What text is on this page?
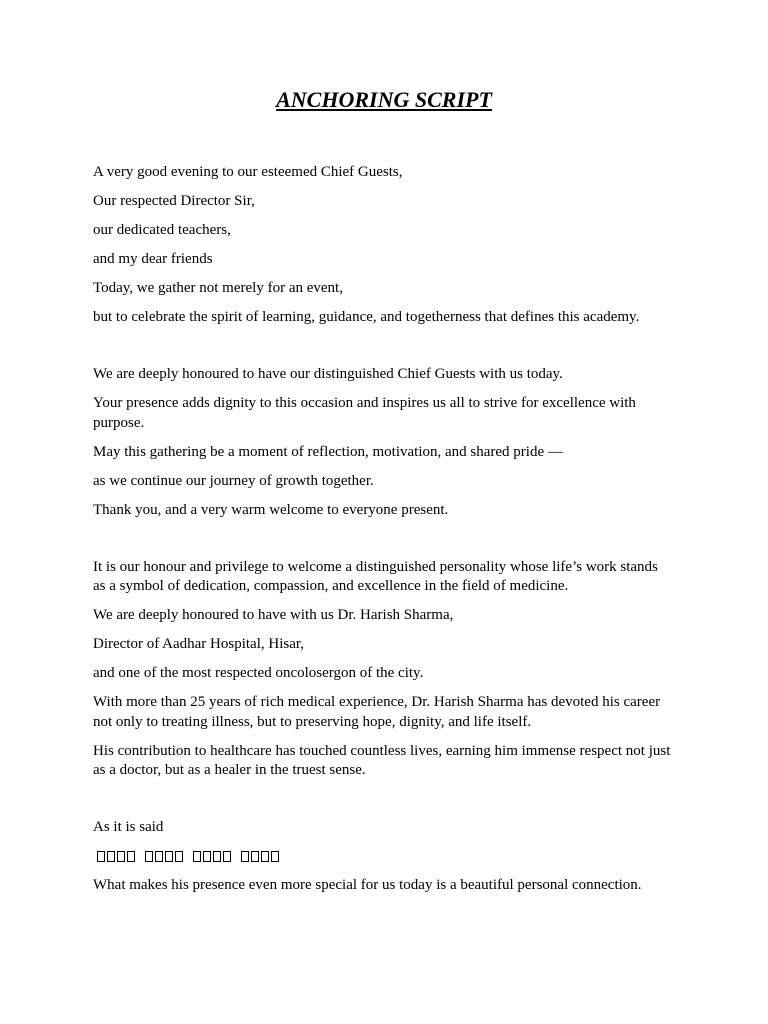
ANCHORING SCRIPT

A very good evening to our esteemed Chief Guests,

Our respected Director Sir,

our dedicated teachers,

and my dear friends

Today, we gather not merely for an event,

but to celebrate the spirit of learning, guidance, and togetherness that defines this academy.

We are deeply honoured to have our distinguished Chief Guests with us today.

Your presence adds dignity to this occasion and inspires us all to strive for excellence with purpose.

May this gathering be a moment of reflection, motivation, and shared pride —

as we continue our journey of growth together.

Thank you, and a very warm welcome to everyone present.

It is our honour and privilege to welcome a distinguished personality whose life’s work stands as a symbol of dedication, compassion, and excellence in the field of medicine.

We are deeply honoured to have with us Dr. Harish Sharma,

Director of Aadhar Hospital, Hisar,

and one of the most respected oncolosergon of the city.

With more than 25 years of rich medical experience, Dr. Harish Sharma has devoted his career not only to treating illness, but to preserving hope, dignity, and life itself.

His contribution to healthcare has touched countless lives, earning him immense respect not just as a doctor, but as a healer in the truest sense.

As it is said

What makes his presence even more special for us today is a beautiful personal connection.
